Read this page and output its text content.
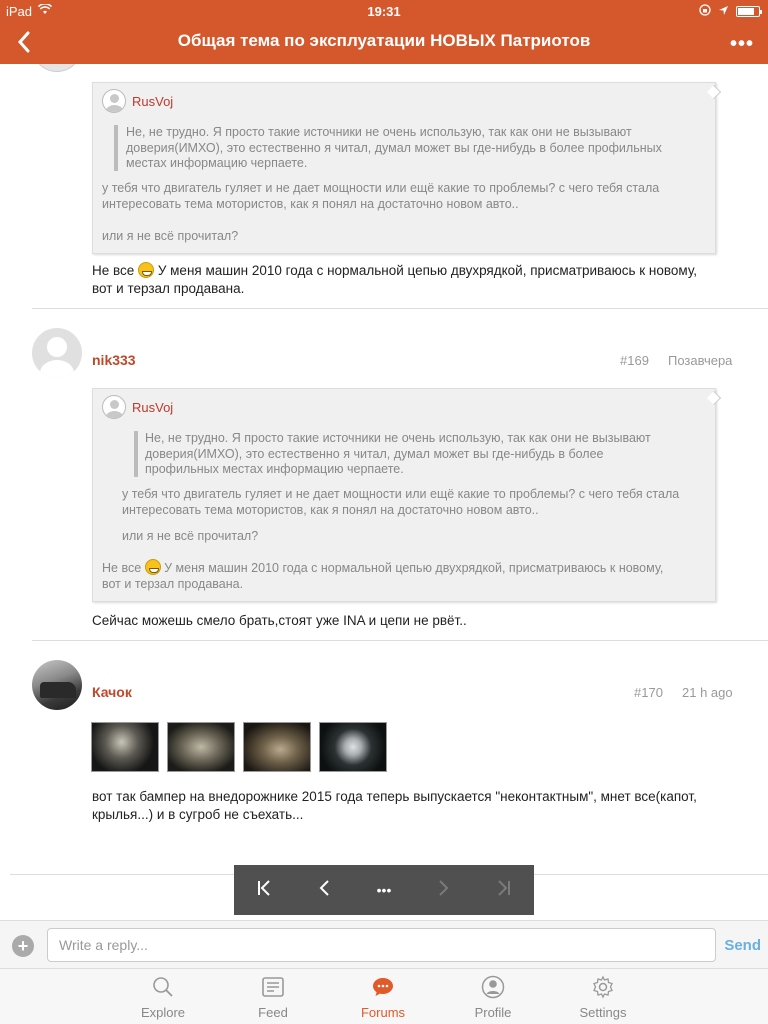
iPad	19:31
Общая тема по эксплуатации НОВЫХ Патриотов	•••
RusVoj
Не, не трудно. Я просто такие источники не очень использую, так как они не вызывают доверия(ИМХО), это естественно я читал, думал может вы где-нибудь в более профильных местах информацию черпаете.
у тебя что двигатель гуляет и не дает мощности или ещё какие то проблемы? с чего тебя стала интересовать тема мотористов, как я понял на достаточно новом авто..
или я не всё прочитал?
Не все У меня машин 2010 года с нормальной цепью двухрядкой, присматриваюсь к новому, вот и терзал продавана.
nik333	#169 Позавчера
RusVoj
Не, не трудно. Я просто такие источники не очень использую, так как они не вызывают доверия(ИМХО), это естественно я читал, думал может вы где-нибудь в более профильных местах информацию черпаете.
у тебя что двигатель гуляет и не дает мощности или ещё какие то проблемы? с чего тебя стала интересовать тема мотористов, как я понял на достаточно новом авто..
или я не всё прочитал?
Не все У меня машин 2010 года с нормальной цепью двухрядкой, присматриваюсь к новому, вот и терзал продавана.
Сейчас можешь смело брать,стоят уже INA и цепи не рвёт..
Качок	#170 21 h ago
вот так бампер на внедорожнике 2015 года теперь выпускается "неконтактным", мнет все(капот, крылья...) и в сугроб не съехать...
•••
+
Write a reply...	Send
Explore	Feed	Forums	Profile	Settings
